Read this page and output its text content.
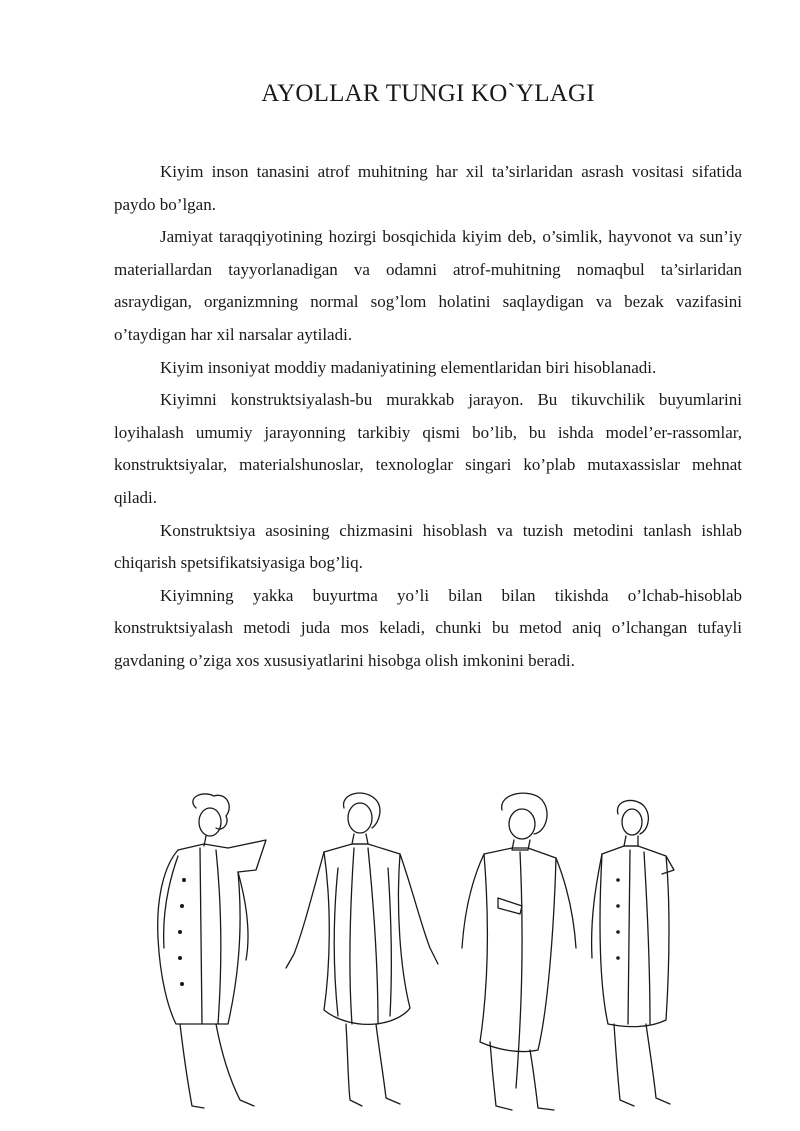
AYOLLAR TUNGI KO`YLAGI

Kiyim inson tanasini atrof muhitning har xil ta’sirlaridan asrash vositasi sifatida paydo bo’lgan.

Jamiyat taraqqiyotining hozirgi bosqichida kiyim deb, o’simlik, hayvonot va sun’iy materiallardan tayyorlanadigan va odamni atrof-muhitning nomaqbul ta’sirlaridan asraydigan, organizmning normal sog’lom holatini saqlaydigan va bezak vazifasini o’taydigan har xil narsalar aytiladi.

Kiyim insoniyat moddiy madaniyatining elementlaridan biri hisoblanadi.

Kiyimni konstruktsiyalash-bu murakkab jarayon. Bu tikuvchilik buyumlarini loyihalash umumiy jarayonning tarkibiy qismi bo’lib, bu ishda model’er-rassomlar, konstruktsiyalar, materialshunoslar, texnologlar singari ko’plab mutaxassislar mehnat qiladi.

Konstruktsiya asosining chizmasini hisoblash va tuzish metodini tanlash ishlab chiqarish spetsifikatsiyasiga bog’liq.

Kiyimning yakka buyurtma yo’li bilan bilan tikishda o’lchab-hisoblab konstruktsiyalash metodi juda mos keladi, chunki bu metod aniq o’lchangan tufayli gavdaning o’ziga xos xususiyatlarini hisobga olish imkonini beradi.
